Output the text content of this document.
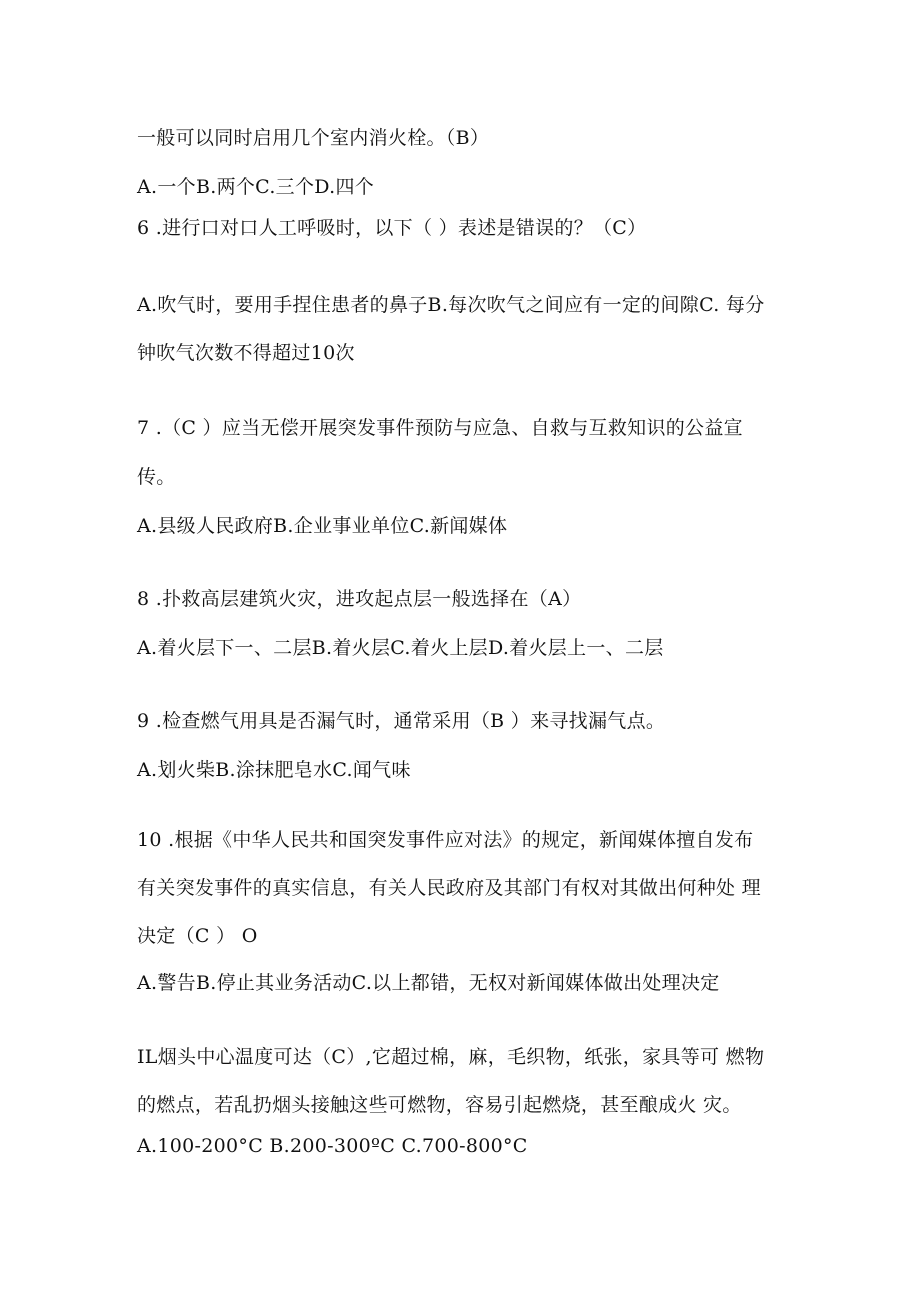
一般可以同时启用几个室内消火栓。（B）
A.一个B.两个C.三个D.四个
6 .进行口对口人工呼吸时，以下（ ）表述是错误的？（C）
A.吹气时，要用手捏住患者的鼻子B.每次吹气之间应有一定的间隙C. 每分
钟吹气次数不得超过10次
7 .（C ）应当无偿开展突发事件预防与应急、自救与互救知识的公益宣
传。
A.县级人民政府B.企业事业单位C.新闻媒体
8 .扑救高层建筑火灾，进攻起点层一般选择在（A）
A.着火层下一、二层B.着火层C.着火上层D.着火层上一、二层
9 .检查燃气用具是否漏气时，通常采用（B ）来寻找漏气点。
A.划火柴B.涂抹肥皂水C.闻气味
10 .根据《中华人民共和国突发事件应对法》的规定，新闻媒体擅自发布
有关突发事件的真实信息，有关人民政府及其部门有权对其做出何种处 理
决定（C ） O
A.警告B.停止其业务活动C.以上都错，无权对新闻媒体做出处理决定
IL烟头中心温度可达（C）,它超过棉，麻，毛织物，纸张，家具等可 燃物
的燃点，若乱扔烟头接触这些可燃物，容易引起燃烧，甚至酿成火 灾。
A.100-200°C B.200-300ºC C.700-800°C
